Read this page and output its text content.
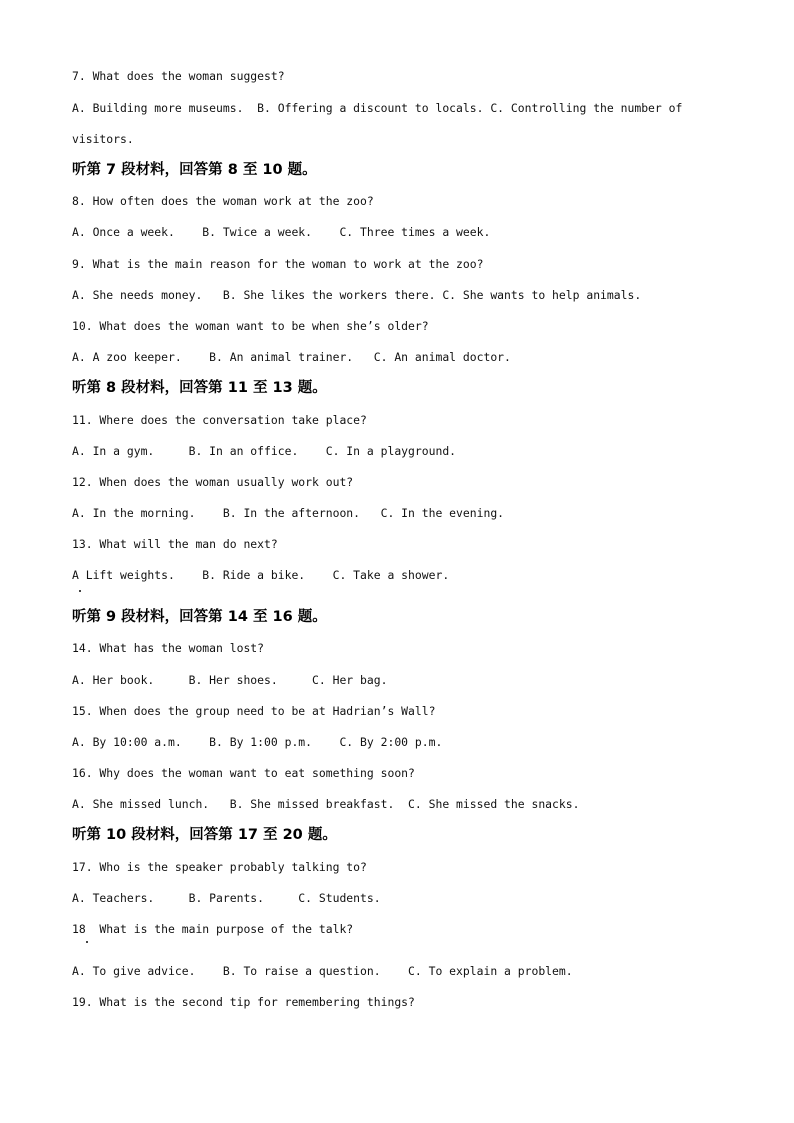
7. What does the woman suggest?

A. Building more museums.  B. Offering a discount to locals. C. Controlling the number of

visitors.

听第 7 段材料，回答第 8 至 10 题。

8. How often does the woman work at the zoo?

A. Once a week.    B. Twice a week.    C. Three times a week.

9. What is the main reason for the woman to work at the zoo?

A. She needs money.   B. She likes the workers there. C. She wants to help animals.

10. What does the woman want to be when she’s older?

A. A zoo keeper.    B. An animal trainer.   C. An animal doctor.

听第 8 段材料，回答第 11 至 13 题。

11. Where does the conversation take place?

A. In a gym.     B. In an office.    C. In a playground.

12. When does the woman usually work out?

A. In the morning.    B. In the afternoon.   C. In the evening.

13. What will the man do next?

A Lift weights.    B. Ride a bike.    C. Take a shower.

听第 9 段材料，回答第 14 至 16 题。

14. What has the woman lost?

A. Her book.     B. Her shoes.     C. Her bag.

15. When does the group need to be at Hadrian’s Wall?

A. By 10:00 a.m.    B. By 1:00 p.m.    C. By 2:00 p.m.

16. Why does the woman want to eat something soon?

A. She missed lunch.   B. She missed breakfast.  C. She missed the snacks.

听第 10 段材料，回答第 17 至 20 题。

17. Who is the speaker probably talking to?

A. Teachers.     B. Parents.     C. Students.

18  What is the main purpose of the talk?

A. To give advice.    B. To raise a question.    C. To explain a problem.

19. What is the second tip for remembering things?
